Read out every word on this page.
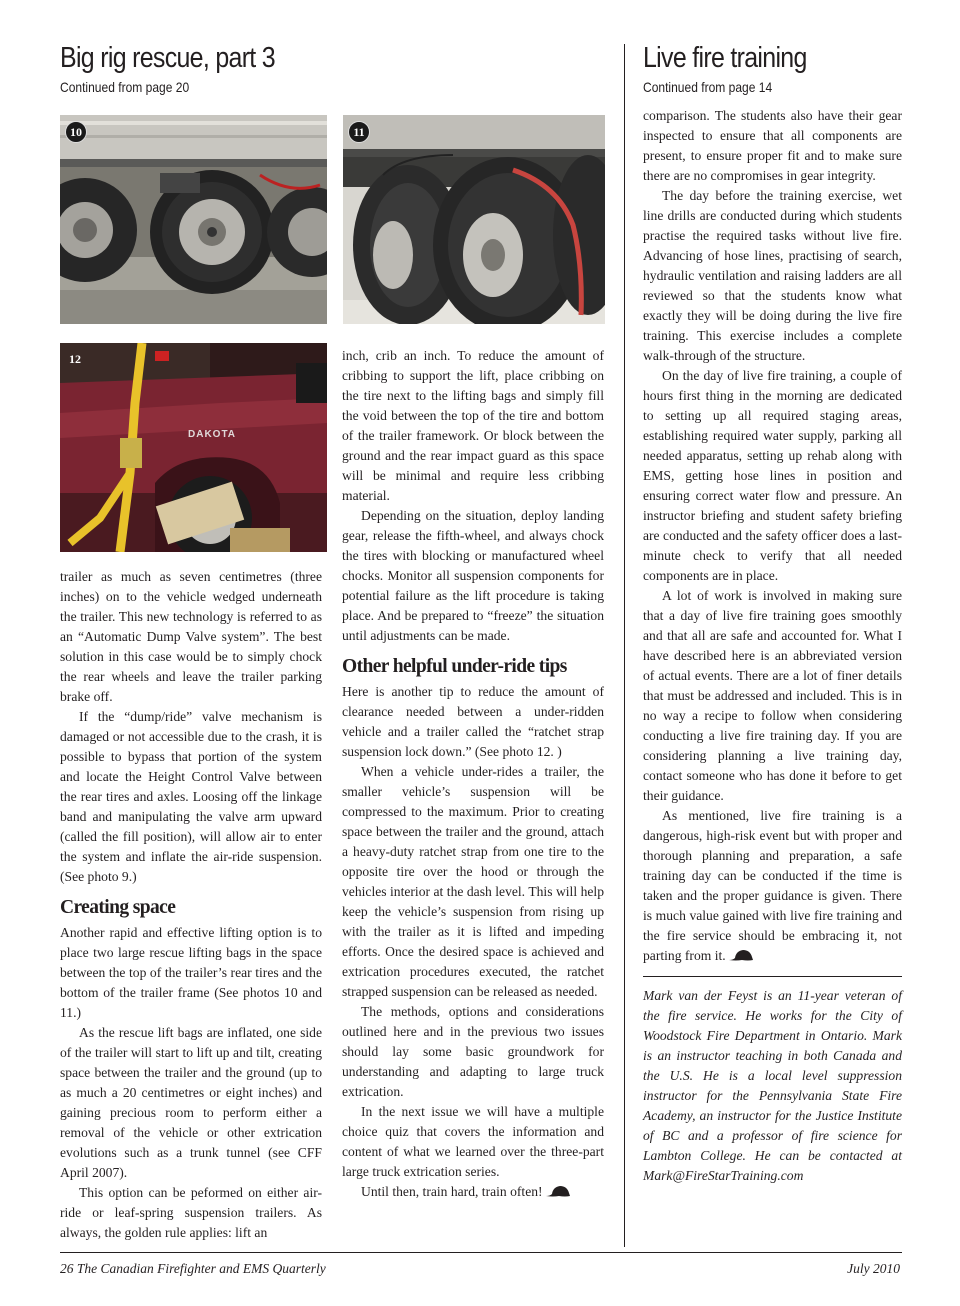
Big rig rescue, part 3
Continued from page 20
Live fire training
Continued from page 14
10	11
DAKOTA
12

trailer as much as seven centimetres (three inches) on to the vehicle wedged underneath the trailer. This new technology is referred to as an “Automatic Dump Valve system”. The best solution in this case would be to simply chock the rear wheels and leave the trailer parking brake off.

If the “dump/ride” valve mechanism is damaged or not accessible due to the crash, it is possible to bypass that portion of the system and locate the Height Control Valve between the rear tires and axles. Loosing off the linkage band and manipulating the valve arm upward (called the fill position), will allow air to enter the system and inflate the air-ride suspension. (See photo 9.)

Creating space

Another rapid and effective lifting option is to place two large rescue lifting bags in the space between the top of the trailer’s rear tires and the bottom of the trailer frame (See photos 10 and 11.)

As the rescue lift bags are inflated, one side of the trailer will start to lift up and tilt, creating space between the trailer and the ground (up to as much a 20 centimetres or eight inches) and gaining precious room to perform either a removal of the vehicle or other extrication evolutions such as a trunk tunnel (see CFF April 2007).

This option can be peformed on either air-ride or leaf-spring suspension trailers. As always, the golden rule applies: lift an

inch, crib an inch. To reduce the amount of cribbing to support the lift, place cribbing on the tire next to the lifting bags and simply fill the void between the top of the tire and bottom of the trailer framework. Or block between the ground and the rear impact guard as this space will be minimal and require less cribbing material.

Depending on the situation, deploy landing gear, release the fifth-wheel, and always chock the tires with blocking or manufactured wheel chocks. Monitor all suspension components for potential failure as the lift procedure is taking place. And be prepared to “freeze” the situation until adjustments can be made.

Other helpful under-ride tips

Here is another tip to reduce the amount of clearance needed between a under-ridden vehicle and a trailer called the “ratchet strap suspension lock down.” (See photo 12. )

When a vehicle under-rides a trailer, the smaller vehicle’s suspension will be compressed to the maximum. Prior to creating space between the trailer and the ground, attach a heavy-duty ratchet strap from one tire to the opposite tire over the hood or through the vehicles interior at the dash level. This will help keep the vehicle’s suspension from rising up with the trailer as it is lifted and impeding efforts. Once the desired space is achieved and extrication procedures executed, the ratchet strapped suspension can be released as needed.

The methods, options and considerations outlined here and in the previous two issues should lay some basic groundwork for understanding and adapting to large truck extrication.

In the next issue we will have a multiple choice quiz that covers the information and content of what we learned over the three-part large truck extrication series.

Until then, train hard, train often!

comparison. The students also have their gear inspected to ensure that all components are present, to ensure proper fit and to make sure there are no compromises in gear integrity.

The day before the training exercise, wet line drills are conducted during which students practise the required tasks without live fire. Advancing of hose lines, practising of search, hydraulic ventilation and raising ladders are all reviewed so that the students know what exactly they will be doing during the live fire training. This exercise includes a complete walk-through of the structure.

On the day of live fire training, a couple of hours first thing in the morning are dedicated to setting up all required staging areas, establishing required water supply, parking all needed apparatus, setting up rehab along with EMS, getting hose lines in position and ensuring correct water flow and pressure. An instructor briefing and student safety briefing are conducted and the safety officer does a last-minute check to verify that all needed components are in place.

A lot of work is involved in making sure that a day of live fire training goes smoothly and that all are safe and accounted for. What I have described here is an abbreviated version of actual events. There are a lot of finer details that must be addressed and included. This is in no way a recipe to follow when considering conducting a live fire training day. If you are considering planning a live training day, contact someone who has done it before to get their guidance.

As mentioned, live fire training is a dangerous, high-risk event but with proper and thorough planning and preparation, a safe training day can be conducted if the time is taken and the proper guidance is given. There is much value gained with live fire training and the fire service should be embracing it, not parting from it.

Mark van der Feyst is an 11-year veteran of the fire service. He works for the City of Woodstock Fire Department in Ontario. Mark is an instructor teaching in both Canada and the U.S. He is a local level suppression instructor for the Pennsylvania State Fire Academy, an instructor for the Justice Institute of BC and a professor of fire science for Lambton College. He can be contacted at Mark@FireStarTraining.com

26 The Canadian Firefighter and EMS Quarterly	July 2010
